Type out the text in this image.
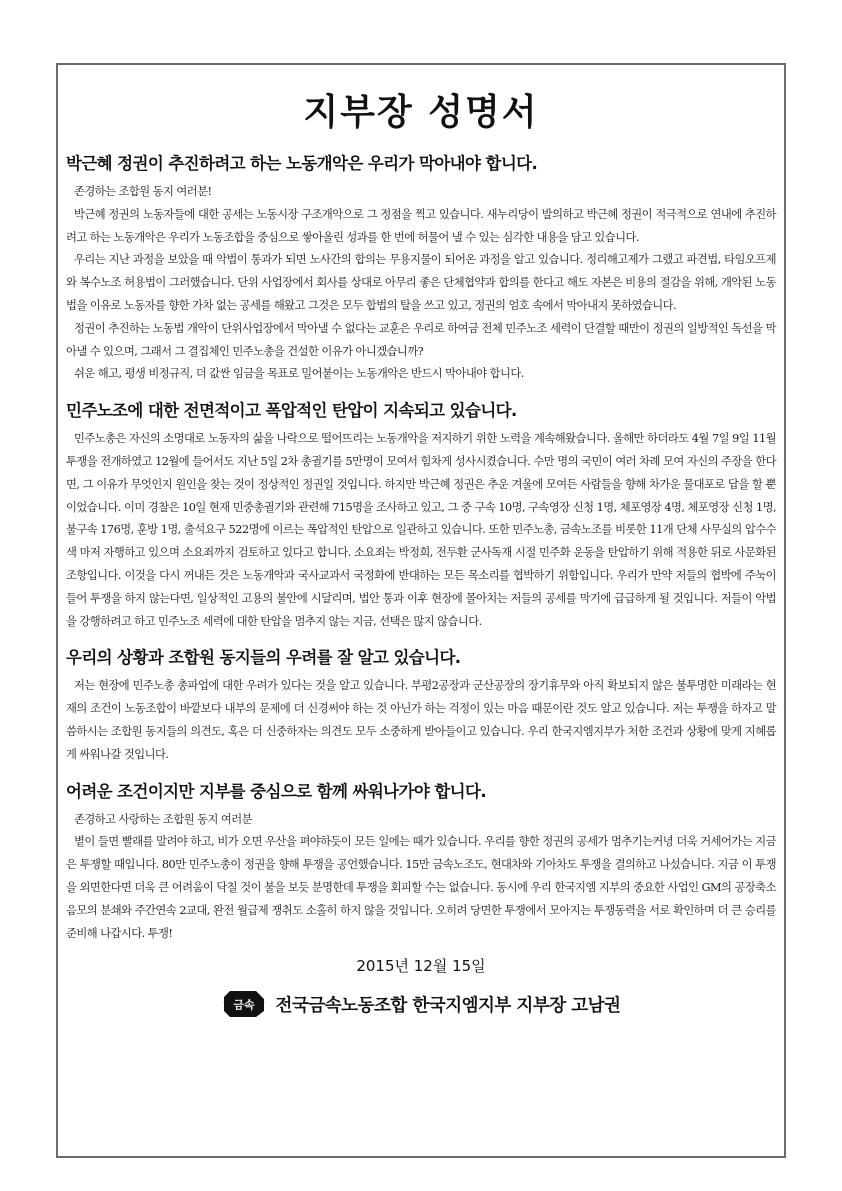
지부장 성명서
박근혜 정권이 추진하려고 하는 노동개악은 우리가 막아내야 합니다.

존경하는 조합원 동지 여러분!

박근혜 정권의 노동자들에 대한 공세는 노동시장 구조개악으로 그 정점을 찍고 있습니다. 새누리당이 발의하고 박근혜 정권이 적극적으로 연내에 추진하려고 하는 노동개악은 우리가 노동조합을 중심으로 쌓아올린 성과를 한 번에 허물어 낼 수 있는 심각한 내용을 담고 있습니다.

우리는 지난 과정을 보았을 때 악법이 통과가 되면 노사간의 합의는 무용지물이 되어온 과정을 알고 있습니다. 정리해고제가 그랬고 파견법, 타임오프제와 복수노조 허용법이 그러했습니다. 단위 사업장에서 회사를 상대로 아무리 좋은 단체협약과 합의를 한다고 해도 자본은 비용의 절감을 위해, 개악된 노동법을 이유로 노동자를 향한 가차 없는 공세를 해왔고 그것은 모두 합법의 탈을 쓰고 있고, 정권의 엄호 속에서 막아내지 못하였습니다.

정권이 추진하는 노동법 개악이 단위사업장에서 막아낼 수 없다는 교훈은 우리로 하여금 전체 민주노조 세력이 단결할 때만이 정권의 일방적인 독선을 막아낼 수 있으며, 그래서 그 결집체인 민주노총을 건설한 이유가 아니겠습니까?

쉬운 해고, 평생 비정규직, 더 값싼 임금을 목표로 밀어붙이는 노동개악은 반드시 막아내야 합니다.

민주노조에 대한 전면적이고 폭압적인 탄압이 지속되고 있습니다.

민주노총은 자신의 소명대로 노동자의 삶을 나락으로 떨어뜨리는 노동개악을 저지하기 위한 노력을 계속해왔습니다. 올해만 하더라도 4월 7일 9일 11월 투쟁을 전개하였고 12월에 들어서도 지난 5일 2차 총궐기를 5만명이 모여서 힘차게 성사시켰습니다. 수만 명의 국민이 여러 차례 모여 자신의 주장을 한다면, 그 이유가 무엇인지 원인을 찾는 것이 정상적인 정권일 것입니다. 하지만 박근혜 정권은 추운 겨울에 모여든 사람들을 향해 차가운 물대포로 답을 할 뿐이었습니다. 이미 경찰은 10일 현재 민중총궐기와 관련해 715명을 조사하고 있고, 그 중 구속 10명, 구속영장 신청 1명, 체포영장 4명, 체포영장 신청 1명, 불구속 176명, 훈방 1명, 출석요구 522명에 이르는 폭압적인 탄압으로 일관하고 있습니다. 또한 민주노총, 금속노조를 비롯한 11개 단체 사무실의 압수수색 마저 자행하고 있으며 소요죄까지 검토하고 있다고 합니다. 소요죄는 박정희, 전두환 군사독재 시절 민주화 운동을 탄압하기 위해 적용한 뒤로 사문화된 조항입니다. 이것을 다시 꺼내든 것은 노동개악과 국사교과서 국정화에 반대하는 모든 목소리를 협박하기 위함입니다. 우리가 만약 저들의 협박에 주눅이 들어 투쟁을 하지 않는다면, 일상적인 고용의 불안에 시달리며, 법안 통과 이후 현장에 몰아치는 저들의 공세를 막기에 급급하게 될 것입니다. 저들이 악법을 강행하려고 하고 민주노조 세력에 대한 탄압을 멈추지 않는 지금, 선택은 많지 않습니다.

우리의 상황과 조합원 동지들의 우려를 잘 알고 있습니다.

저는 현장에 민주노총 총파업에 대한 우려가 있다는 것을 알고 있습니다. 부평2공장과 군산공장의 장기휴무와 아직 확보되지 않은 불투명한 미래라는 현재의 조건이 노동조합이 바깥보다 내부의 문제에 더 신경써야 하는 것 아닌가 하는 걱정이 있는 마음 때문이란 것도 알고 있습니다. 저는 투쟁을 하자고 말씀하시는 조합원 동지들의 의견도, 혹은 더 신중하자는 의견도 모두 소중하게 받아들이고 있습니다. 우리 한국지엠지부가 처한 조건과 상황에 맞게 지혜롭게 싸워나갈 것입니다.

어려운 조건이지만 지부를 중심으로 함께 싸워나가야 합니다.

존경하고 사랑하는 조합원 동지 여러분

볕이 들면 빨래를 말려야 하고, 비가 오면 우산을 펴야하듯이 모든 일에는 때가 있습니다. 우리를 향한 정권의 공세가 멈추기는커녕 더욱 거세어가는 지금은 투쟁할 때입니다. 80만 민주노총이 정권을 향해 투쟁을 공언했습니다. 15만 금속노조도, 현대차와 기아차도 투쟁을 결의하고 나섰습니다. 지금 이 투쟁을 외면한다면 더욱 큰 어려움이 닥칠 것이 불을 보듯 분명한데 투쟁을 회피할 수는 없습니다. 동시에 우리 한국지엠 지부의 중요한 사업인 GM의 공장축소 음모의 분쇄와 주간연속 2교대, 완전 월급제 쟁취도 소홀히 하지 않을 것입니다. 오히려 당면한 투쟁에서 모아지는 투쟁동력을 서로 확인하며 더 큰 승리를 준비해 나갑시다. 투쟁!

2015년 12월 15일
금속 전국금속노동조합 한국지엠지부 지부장 고남권
